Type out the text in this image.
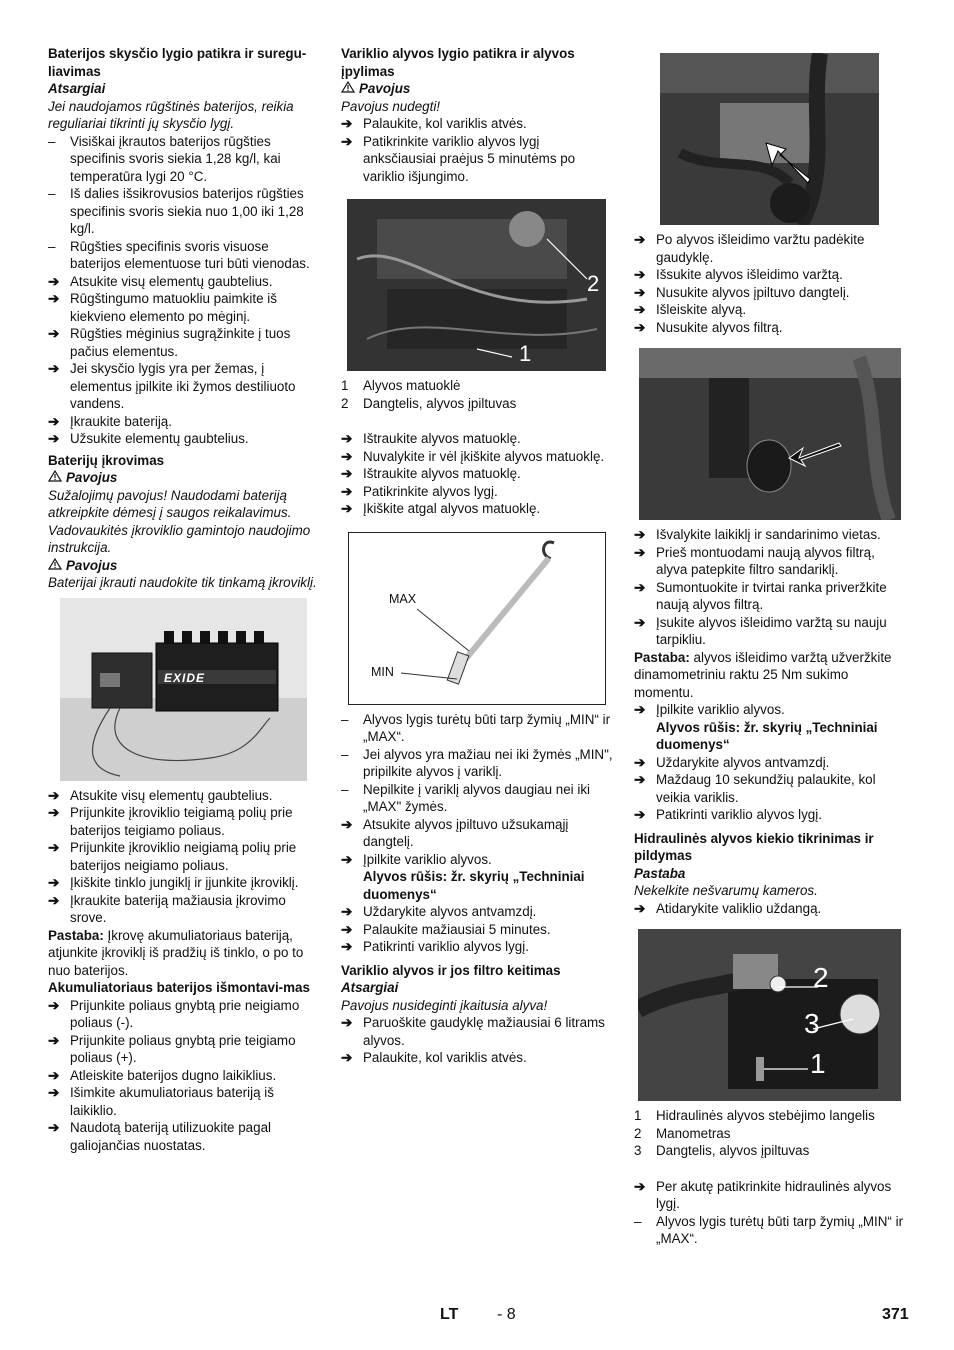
Baterijos skysčio lygio patikra ir suregu-liavimas

Atsargiai

Jei naudojamos rūgštinės baterijos, reikia reguliariai tikrinti jų skysčio lygį.

–	Visiškai įkrautos baterijos rūgšties specifinis svoris siekia 1,28 kg/l, kai temperatūra lygi 20 °C.
–	Iš dalies išsikrovusios baterijos rūgšties specifinis svoris siekia nuo 1,00 iki 1,28 kg/l.
–	Rūgšties specifinis svoris visuose baterijos elementuose turi būti vienodas.
➔ Atsukite visų elementų gaubtelius.
➔ Rūgštingumo matuokliu paimkite iš kiekvieno elemento po mėginį.
➔ Rūgšties mėginius sugrąžinkite į tuos pačius elementus.
➔ Jei skysčio lygis yra per žemas, į elementus įpilkite iki žymos destiliuoto vandens.
➔ Įkraukite bateriją.
➔ Užsukite elementų gaubtelius.

Baterijų įkrovimas

Pavojus

Sužalojimų pavojus! Naudodami bateriją atkreipkite dėmesį į saugos reikalavimus. Vadovaukitės įkroviklio gamintojo naudojimo instrukcija.

Pavojus

Baterijai įkrauti naudokite tik tinkamą įkroviklį.

EXIDE
➔ Atsukite visų elementų gaubtelius.
➔ Prijunkite įkroviklio teigiamą polių prie baterijos teigiamo poliaus.
➔ Prijunkite įkroviklio neigiamą polių prie baterijos neigiamo poliaus.
➔ Įkiškite tinklo jungiklį ir įjunkite įkroviklį.
➔ Įkraukite bateriją mažiausia įkrovimo srove.

Pastaba: Įkrovę akumuliatoriaus bateriją, atjunkite įkroviklį iš pradžių iš tinklo, o po to nuo baterijos.

Akumuliatoriaus baterijos išmontavi-mas

➔ Prijunkite poliaus gnybtą prie neigiamo poliaus (-).
➔ Prijunkite poliaus gnybtą prie teigiamo poliaus (+).
➔ Atleiskite baterijos dugno laikiklius.
➔ Išimkite akumuliatoriaus bateriją iš laikiklio.
➔ Naudotą bateriją utilizuokite pagal galiojančias nuostatas.

Variklio alyvos lygio patikra ir alyvos įpylimas

Pavojus

Pavojus nudegti!

➔ Palaukite, kol variklis atvės.
➔ Patikrinkite variklio alyvos lygį anksčiausiai praėjus 5 minutėms po variklio išjungimo.
2
1
1	Alyvos matuoklė
2	Dangtelis, alyvos įpiltuvas
➔ Ištraukite alyvos matuoklę.
➔ Nuvalykite ir vėl įkiškite alyvos matuoklę.
➔ Ištraukite alyvos matuoklę.
➔ Patikrinkite alyvos lygį.
➔ Įkiškite atgal alyvos matuoklę.
MAX
MIN
–	Alyvos lygis turėtų būti tarp žymių „MIN“ ir „MAX“.
–	Jei alyvos yra mažiau nei iki žymės „MIN", pripilkite alyvos į variklį.
–	Nepilkite į variklį alyvos daugiau nei iki „MAX" žymės.
➔ Atsukite alyvos įpiltuvo užsukamąjį dangtelį.
➔ Įpilkite variklio alyvos.

Alyvos rūšis: žr. skyrių „Techniniai duomenys“

➔ Uždarykite alyvos antvamzdį.
➔ Palaukite mažiausiai 5 minutes.
➔ Patikrinti variklio alyvos lygį.

Variklio alyvos ir jos filtro keitimas

Atsargiai

Pavojus nusideginti įkaitusia alyva!

➔ Paruoškite gaudyklę mažiausiai 6 litrams alyvos.
➔ Palaukite, kol variklis atvės.
➔ Po alyvos išleidimo varžtu padėkite gaudyklę.
➔ Išsukite alyvos išleidimo varžtą.
➔ Nusukite alyvos įpiltuvo dangtelį.
➔ Išleiskite alyvą.
➔ Nusukite alyvos filtrą.
➔ Išvalykite laikiklį ir sandarinimo vietas.
➔ Prieš montuodami naują alyvos filtrą, alyva patepkite filtro sandariklį.
➔ Sumontuokite ir tvirtai ranka priveržkite naują alyvos filtrą.
➔ Įsukite alyvos išleidimo varžtą su nauju tarpikliu.

Pastaba: alyvos išleidimo varžtą užveržkite dinamometriniu raktu 25 Nm sukimo momentu.

➔ Įpilkite variklio alyvos.

Alyvos rūšis: žr. skyrių „Techniniai duomenys“

➔ Uždarykite alyvos antvamzdį.
➔ Maždaug 10 sekundžių palaukite, kol veikia variklis.
➔ Patikrinti variklio alyvos lygį.

Hidraulinės alyvos kiekio tikrinimas ir pildymas

Pastaba

Nekelkite nešvarumų kameros.

➔ Atidarykite valiklio uždangą.
2
3
1
1	Hidraulinės alyvos stebėjimo langelis
2	Manometras
3	Dangtelis, alyvos įpiltuvas
➔ Per akutę patikrinkite hidraulinės alyvos lygį.
–	Alyvos lygis turėtų būti tarp žymių „MIN“ ir „MAX“.
LT - 8	371
